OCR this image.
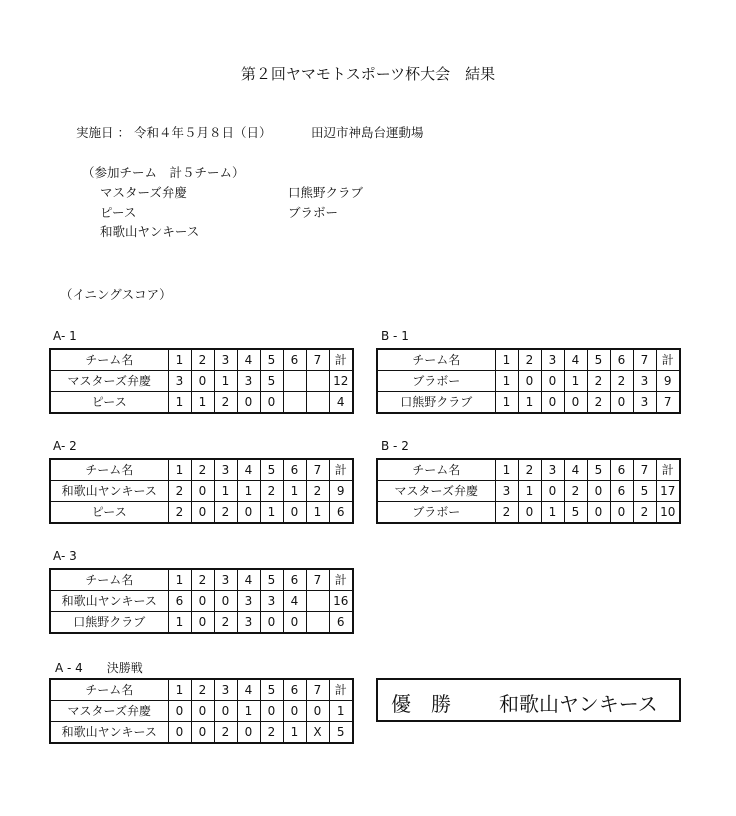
第２回ヤマモトスポーツ杯大会　結果
実施日 ： 令和４年５月８日（日）	田辺市神島台運動場
（参加チーム　計５チーム）
マスターズ弁慶
ピース
和歌山ヤンキース
口熊野クラブ
ブラボー
（イニングスコア）
A- 1
チーム名	1	2	3	4	5	6	7	計
マスターズ弁慶	3	0	1	3	5			12
ピース	1	1	2	0	0			4
B - 1
チーム名	1	2	3	4	5	6	7	計
ブラボー	1	0	0	1	2	2	3	9
口熊野クラブ	1	1	0	0	2	0	3	7
A- 2
チーム名	1	2	3	4	5	6	7	計
和歌山ヤンキース	2	0	1	1	2	1	2	9
ピース	2	0	2	0	1	0	1	6
B - 2
チーム名	1	2	3	4	5	6	7	計
マスターズ弁慶	3	1	0	2	0	6	5	17
ブラボー	2	0	1	5	0	0	2	10
A- 3
チーム名	1	2	3	4	5	6	7	計
和歌山ヤンキース	6	0	0	3	3	4		16
口熊野クラブ	1	0	2	3	0	0		6
A - 4　　決勝戦
チーム名	1	2	3	4	5	6	7	計
マスターズ弁慶	0	0	0	1	0	0	0	1
和歌山ヤンキース	0	0	2	0	2	1	X	5
優　勝 和歌山ヤンキース
